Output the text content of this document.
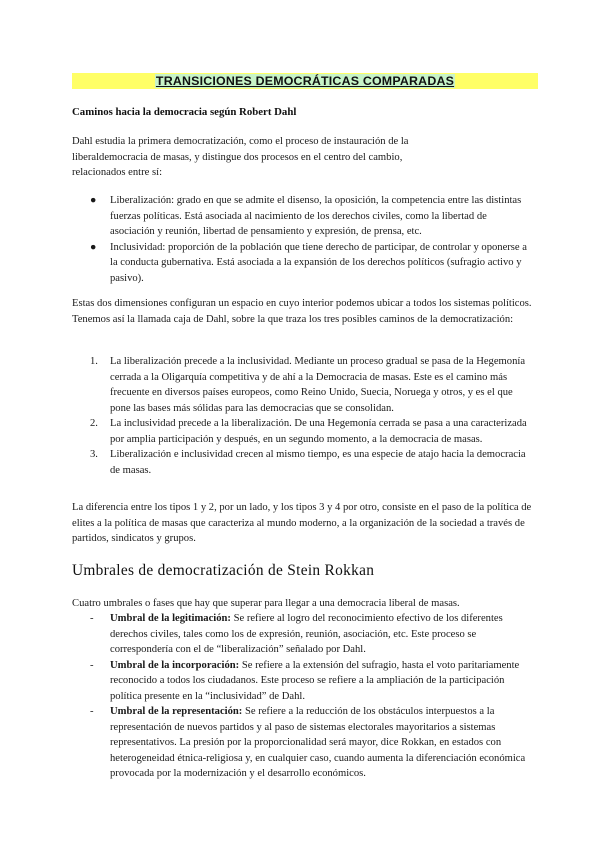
TRANSICIONES DEMOCRÁTICAS COMPARADAS
Caminos hacia la democracia según Robert Dahl

Dahl estudia la primera democratización, como el proceso de instauración de la liberaldemocracia de masas, y distingue dos procesos en el centro del cambio, relacionados entre sí:

● Liberalización: grado en que se admite el disenso, la oposición, la competencia entre las distintas fuerzas políticas. Está asociada al nacimiento de los derechos civiles, como la libertad de asociación y reunión, libertad de pensamiento y expresión, de prensa, etc.
● Inclusividad: proporción de la población que tiene derecho de participar, de controlar y oponerse a la conducta gubernativa. Está asociada a la expansión de los derechos políticos (sufragio activo y pasivo).

Estas dos dimensiones configuran un espacio en cuyo interior podemos ubicar a todos los sistemas políticos. Tenemos así la llamada caja de Dahl, sobre la que traza los tres posibles caminos de la democratización:

1. La liberalización precede a la inclusividad. Mediante un proceso gradual se pasa de la Hegemonía cerrada a la Oligarquía competitiva y de ahí a la Democracia de masas. Este es el camino más frecuente en diversos países europeos, como Reino Unido, Suecia, Noruega y otros, y es el que pone las bases más sólidas para las democracias que se consolidan.
2. La inclusividad precede a la liberalización. De una Hegemonía cerrada se pasa a una caracterizada por amplia participación y después, en un segundo momento, a la democracia de masas.
3. Liberalización e inclusividad crecen al mismo tiempo, es una especie de atajo hacia la democracia de masas.

La diferencia entre los tipos 1 y 2, por un lado, y los tipos 3 y 4 por otro, consiste en el paso de la política de elites a la política de masas que caracteriza al mundo moderno, a la organización de la sociedad a través de partidos, sindicatos y grupos.

Umbrales de democratización de Stein Rokkan

Cuatro umbrales o fases que hay que superar para llegar a una democracia liberal de masas.

- Umbral de la legitimación: Se refiere al logro del reconocimiento efectivo de los diferentes derechos civiles, tales como los de expresión, reunión, asociación, etc. Este proceso se correspondería con el de “liberalización” señalado por Dahl.
- Umbral de la incorporación: Se refiere a la extensión del sufragio, hasta el voto paritariamente reconocido a todos los ciudadanos. Este proceso se refiere a la ampliación de la participación política presente en la “inclusividad” de Dahl.
- Umbral de la representación: Se refiere a la reducción de los obstáculos interpuestos a la representación de nuevos partidos y al paso de sistemas electorales mayoritarios a sistemas representativos. La presión por la proporcionalidad será mayor, dice Rokkan, en estados con heterogeneidad étnica-religiosa y, en cualquier caso, cuando aumenta la diferenciación económica provocada por la modernización y el desarrollo económicos.
